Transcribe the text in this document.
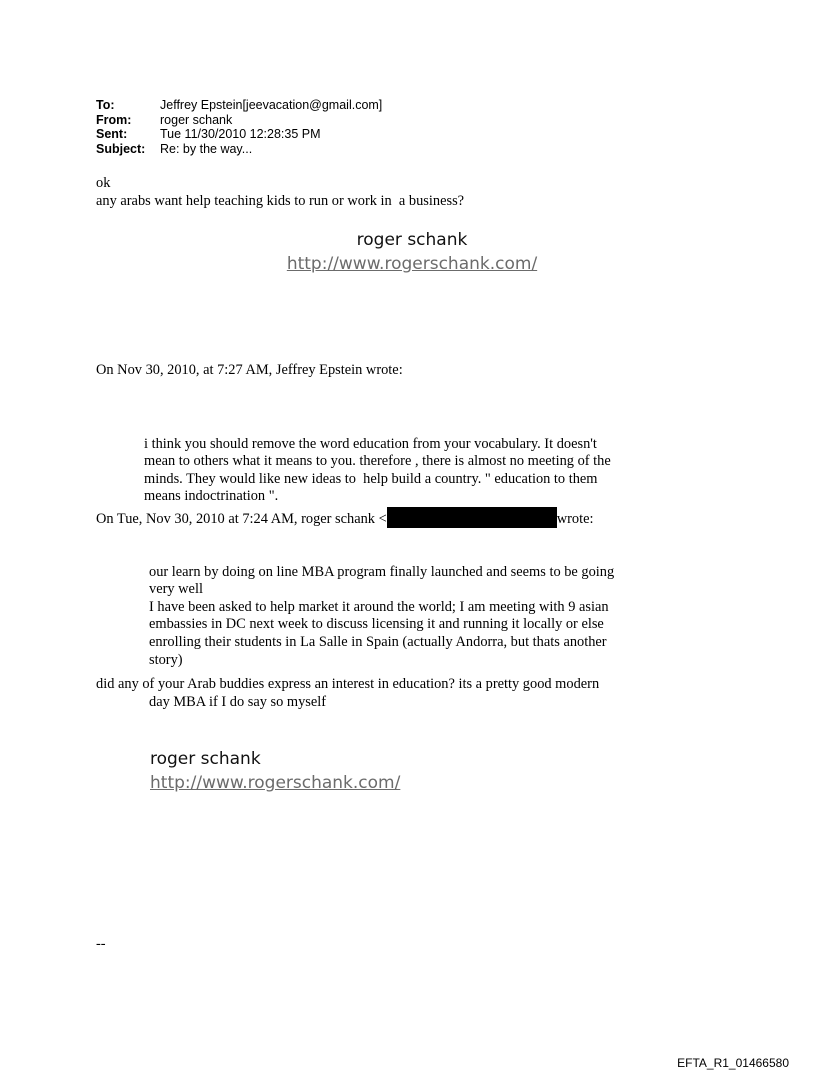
To:	Jeffrey Epstein[jeevacation@gmail.com]
From:	roger schank
Sent:	Tue 11/30/2010 12:28:35 PM
Subject:	Re: by the way...
ok
any arabs want help teaching kids to run or work in  a business?
roger schank
http://www.rogerschank.com/
On Nov 30, 2010, at 7:27 AM, Jeffrey Epstein wrote:

i think you should remove the word education from your vocabulary. It doesn't
mean to others what it means to you. therefore , there is almost no meeting of the
minds. They would like new ideas to  help build a country. " education to them
means indoctrination ".

On Tue, Nov 30, 2010 at 7:24 AM, roger schank <	wrote:

our learn by doing on line MBA program finally launched and seems to be going
very well
I have been asked to help market it around the world; I am meeting with 9 asian
embassies in DC next week to discuss licensing it and running it locally or else
enrolling their students in La Salle in Spain (actually Andorra, but thats another
story)

did any of your Arab buddies express an interest in education? its a pretty good modern
day MBA if I do say so myself
roger schank
http://www.rogerschank.com/
--
EFTA_R1_01466580
